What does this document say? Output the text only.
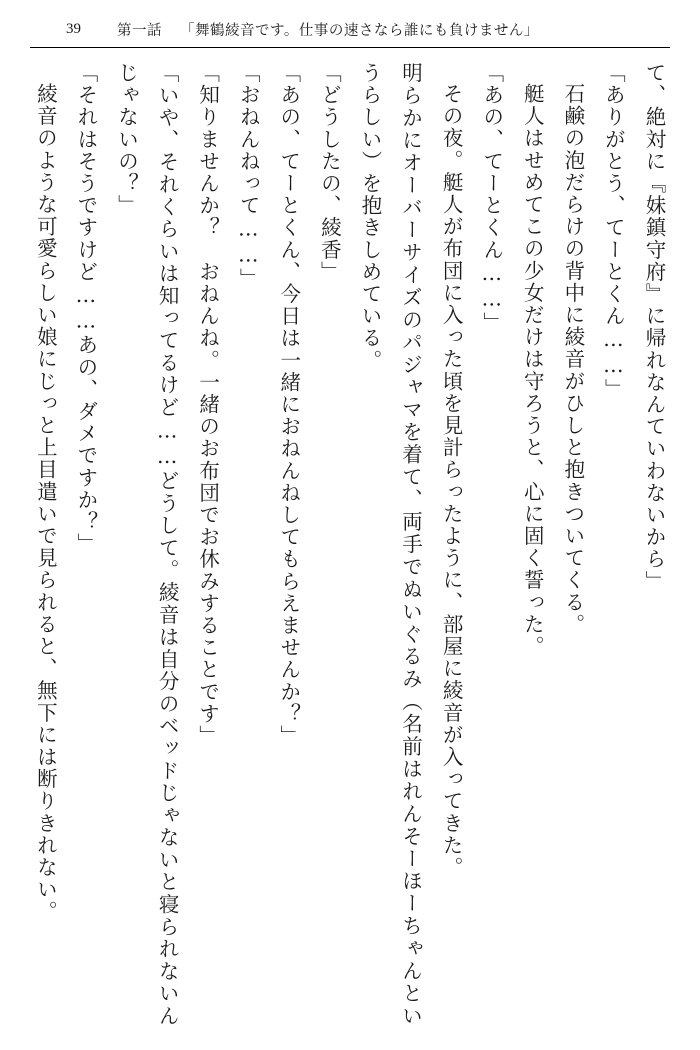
39 第一話 「舞鶴綾音です。仕事の速さなら誰にも負けません」

て、絶対に『妹鎮守府』に帰れなんていわないから」

「ありがとう、てーとくん……」

石鹸の泡だらけの背中に綾音がひしと抱きついてくる。

艇人はせめてこの少女だけは守ろうと、心に固く誓った。

「あの、てーとくん……」

その夜。艇人が布団に入った頃を見計らったように、部屋に綾音が入ってきた。

明らかにオーバーサイズのパジャマを着て、両手でぬいぐるみ（名前はれんそーほーちゃんというらしい）を抱きしめている。

「どうしたの、綾香」

「あの、てーとくん、今日は一緒におねんねしてもらえませんか？」

「おねんねって……」

「知りませんか？　おねんね。一緒のお布団でお休みすることです」

「いや、それくらいは知ってるけど……どうして。綾音は自分のベッドじゃないと寝られないんじゃないの？」

「それはそうですけど……あの、ダメですか？」

綾音のような可愛らしい娘にじっと上目遣いで見られると、無下には断りきれない。
